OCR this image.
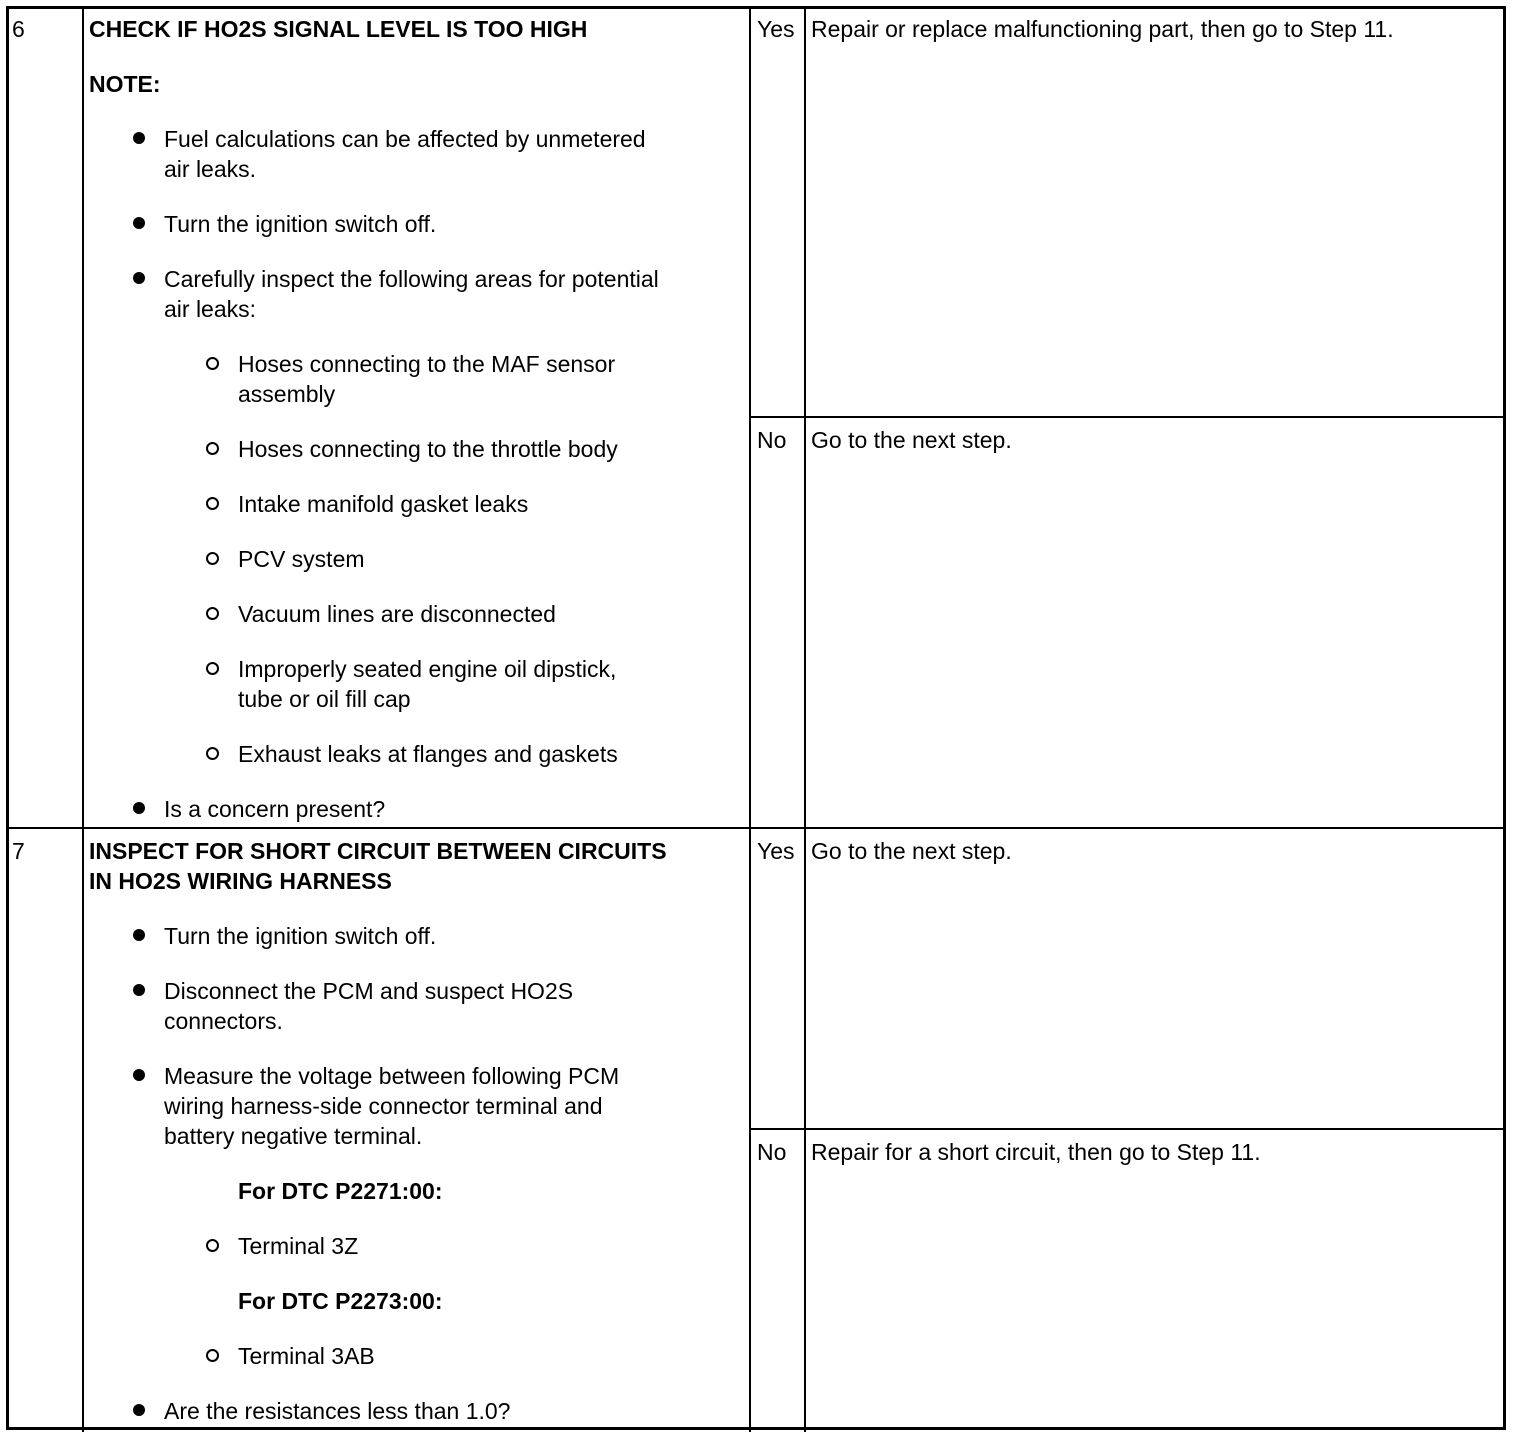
6	CHECK IF HO2S SIGNAL LEVEL IS TOO HIGH
NOTE:
Fuel calculations can be affected by unmetered
air leaks.
Turn the ignition switch off.
Carefully inspect the following areas for potential
air leaks:
Hoses connecting to the MAF sensor
assembly
Hoses connecting to the throttle body
Intake manifold gasket leaks
PCV system
Vacuum lines are disconnected
Improperly seated engine oil dipstick,
tube or oil fill cap
Exhaust leaks at flanges and gaskets
Is a concern present?
Yes Repair or replace malfunctioning part, then go to Step 11.
No Go to the next step.
7	INSPECT FOR SHORT CIRCUIT BETWEEN CIRCUITS
IN HO2S WIRING HARNESS
Turn the ignition switch off.
Disconnect the PCM and suspect HO2S
connectors.
Measure the voltage between following PCM
wiring harness-side connector terminal and
battery negative terminal.
For DTC P2271:00:
Terminal 3Z
For DTC P2273:00:
Terminal 3AB
Are the resistances less than 1.0?
Yes Go to the next step.
No Repair for a short circuit, then go to Step 11.
